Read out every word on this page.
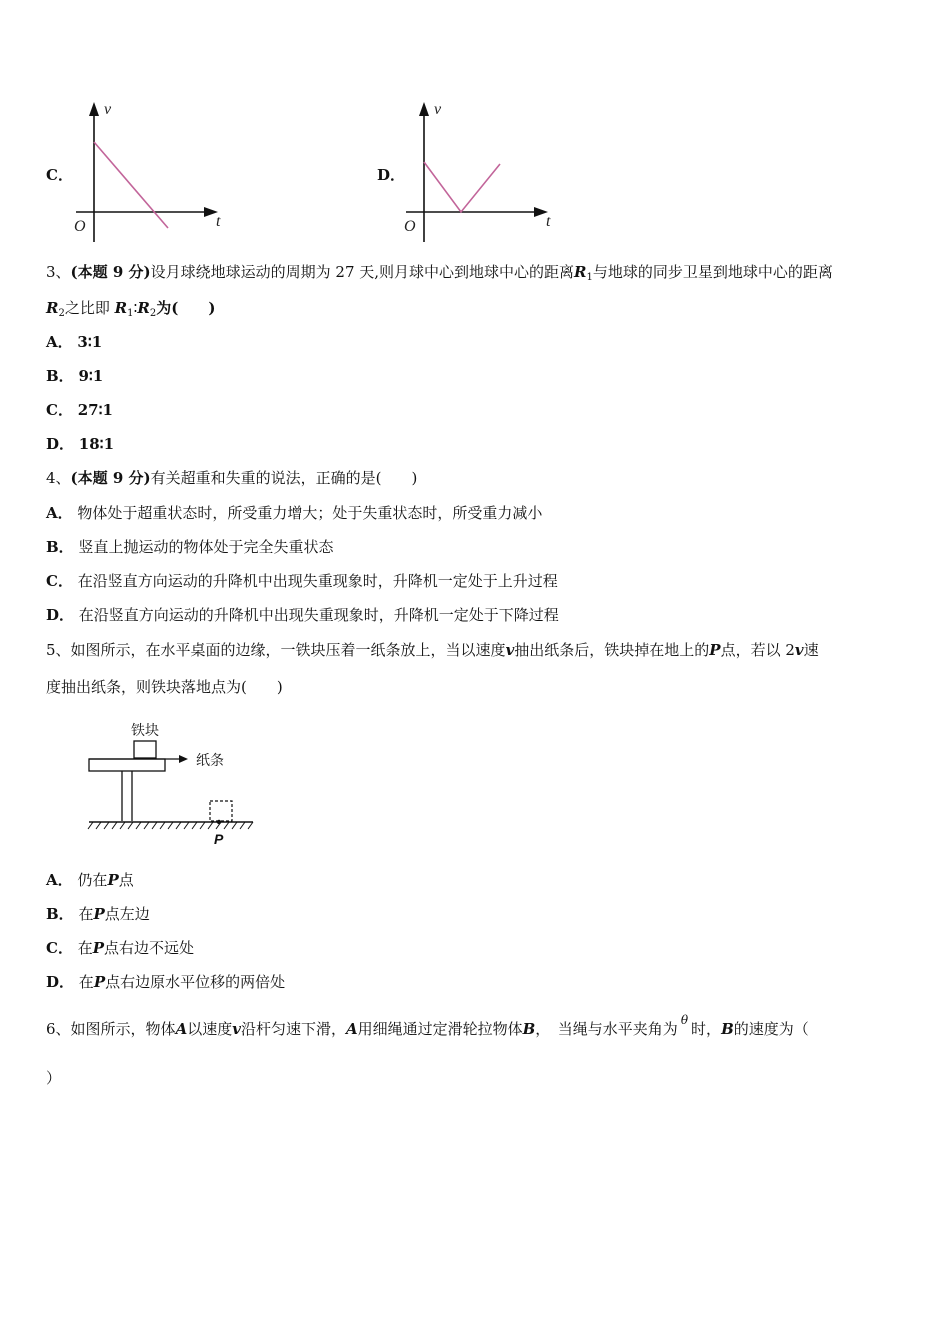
C．
v
t
O
D．
v
t
O
3、(本题 9 分)设月球绕地球运动的周期为 27 天,则月球中心到地球中心的距离$R_1$与地球的同步卫星到地球中心的距离
$R_2$之比即 $R_1∶R_2$为(　　)
A． 3∶1
B． 9∶1
C． 27∶1
D． 18∶1
4、(本题 9 分)有关超重和失重的说法，正确的是(　　)
A． 物体处于超重状态时，所受重力增大；处于失重状态时，所受重力减小
B． 竖直上抛运动的物体处于完全失重状态
C． 在沿竖直方向运动的升降机中出现失重现象时，升降机一定处于上升过程
D． 在沿竖直方向运动的升降机中出现失重现象时，升降机一定处于下降过程
5、如图所示，在水平桌面的边缘，一铁块压着一纸条放上，当以速度v抽出纸条后，铁块掉在地上的P点，若以 2v速
度抽出纸条，则铁块落地点为(　　)
铁块
纸条
P
A． 仍在P点
B． 在P点左边
C． 在P点右边不远处
D． 在P点右边原水平位移的两倍处
6、如图所示，物体A以速度v沿杆匀速下滑，A用细绳通过定滑轮拉物体B，　当绳与水平夹角为 $^\theta$ 时，B的速度为（
）
